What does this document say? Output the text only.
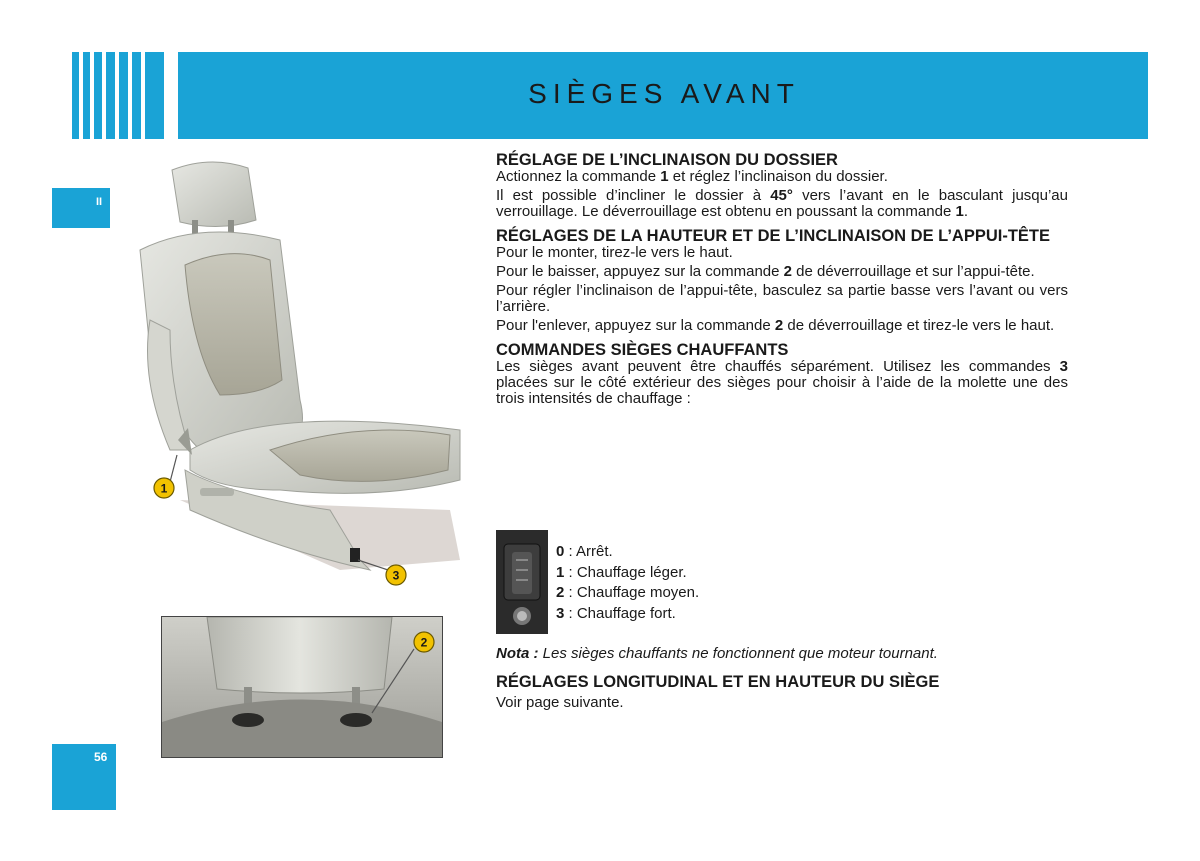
SIÈGES AVANT
II
56
1
3
2
RÉGLAGE DE L’INCLINAISON DU DOSSIER

Actionnez la commande 1 et réglez l’inclinaison du dossier.

Il est possible d’incliner le dossier à 45° vers l’avant en le basculant jusqu’au verrouillage. Le déverrouillage est obtenu en poussant la commande 1.

RÉGLAGES DE LA HAUTEUR ET DE L’INCLINAISON DE L’APPUI-TÊTE

Pour le monter, tirez-le vers le haut.

Pour le baisser, appuyez sur la commande 2 de déverrouillage et sur l’appui-tête.

Pour régler l’inclinaison de l’appui-tête, basculez sa partie basse vers l’avant ou vers l’arrière.

Pour l'enlever, appuyez sur la commande 2 de déverrouillage et tirez-le vers le haut.

COMMANDES SIÈGES CHAUFFANTS

Les sièges avant peuvent être chauffés séparément. Utilisez les commandes 3 placées sur le côté extérieur des sièges pour choisir à l’aide de la molette une des trois intensités de chauffage :

0 : Arrêt.
1 : Chauffage léger.
2 : Chauffage moyen.
3 : Chauffage fort.
Nota : Les sièges chauffants ne fonctionnent que moteur tournant.
RÉGLAGES LONGITUDINAL ET EN HAUTEUR DU SIÈGE

Voir page suivante.
